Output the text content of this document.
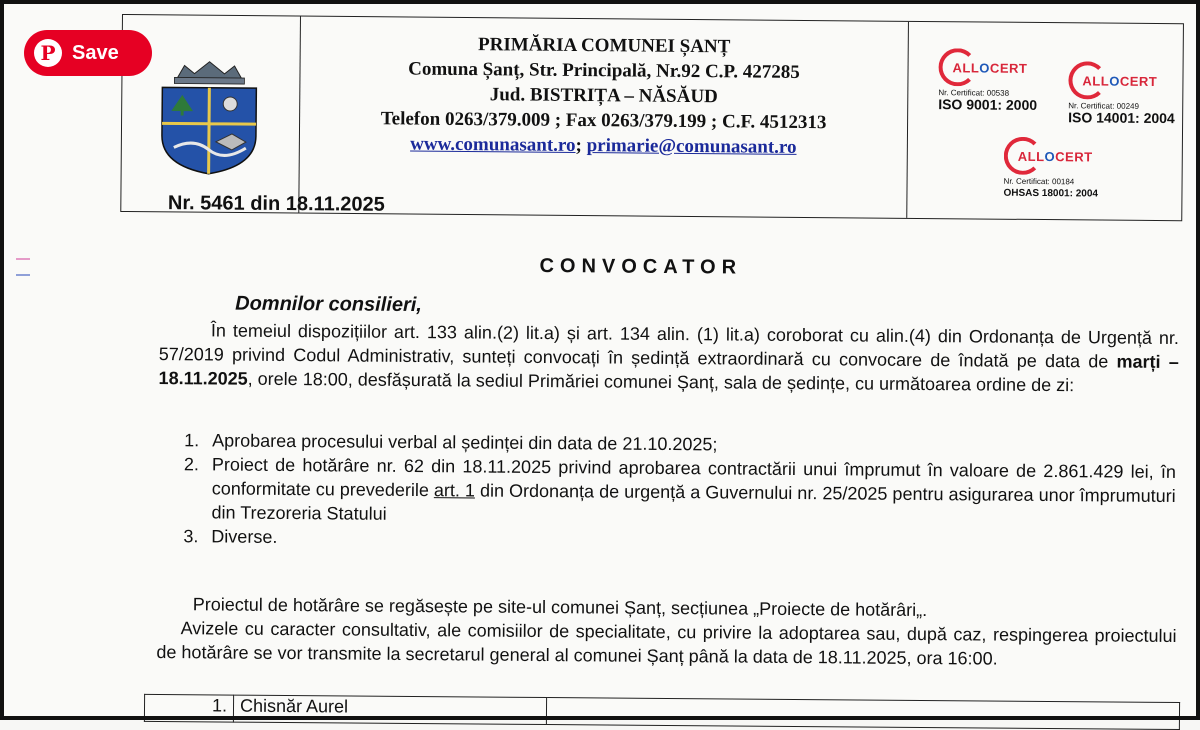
P Save	PRIMĂRIA COMUNEI ȘANȚ
Comuna Șanț, Str. Principală, Nr.92 C.P. 427285
Jud. BISTRIȚA – NĂSĂUD
Telefon 0263/379.009 ; Fax 0263/379.199 ; C.F. 4512313
www.comunasant.ro; primarie@comunasant.ro
ALLOCERT
Nr. Certificat: 00538
ISO 9001: 2000
ALLOCERT
Nr. Certificat: 00249
ISO 14001: 2004
ALLOCERT
Nr. Certificat: 00184
OHSAS 18001: 2004
Nr. 5461 din 18.11.2025
CONVOCATOR
Domnilor consilieri,
În temeiul dispozițiilor art. 133 alin.(2) lit.a) și art. 134 alin. (1) lit.a) coroborat cu alin.(4) din Ordonanța de Urgență nr. 57/2019 privind Codul Administrativ, sunteți convocați în ședință extraordinară cu convocare de îndată pe data de marți – 18.11.2025, orele 18:00, desfășurată la sediul Primăriei comunei Șanț, sala de ședințe, cu următoarea ordine de zi:
1. Aprobarea procesului verbal al ședinței din data de 21.10.2025;
2. Proiect de hotărâre nr. 62 din 18.11.2025 privind aprobarea contractării unui împrumut în valoare de 2.861.429 lei, în conformitate cu prevederile art. 1 din Ordonanța de urgență a Guvernului nr. 25/2025 pentru asigurarea unor împrumuturi din Trezoreria Statului
3. Diverse.
Proiectul de hotărâre se regăsește pe site-ul comunei Șanț, secțiunea „Proiecte de hotărâri„.
Avizele cu caracter consultativ, ale comisiilor de specialitate, cu privire la adoptarea sau, după caz, respingerea proiectului de hotărâre se vor transmite la secretarul general al comunei Șanț până la data de 18.11.2025, ora 16:00.
1.	Chisnăr Aurel	
